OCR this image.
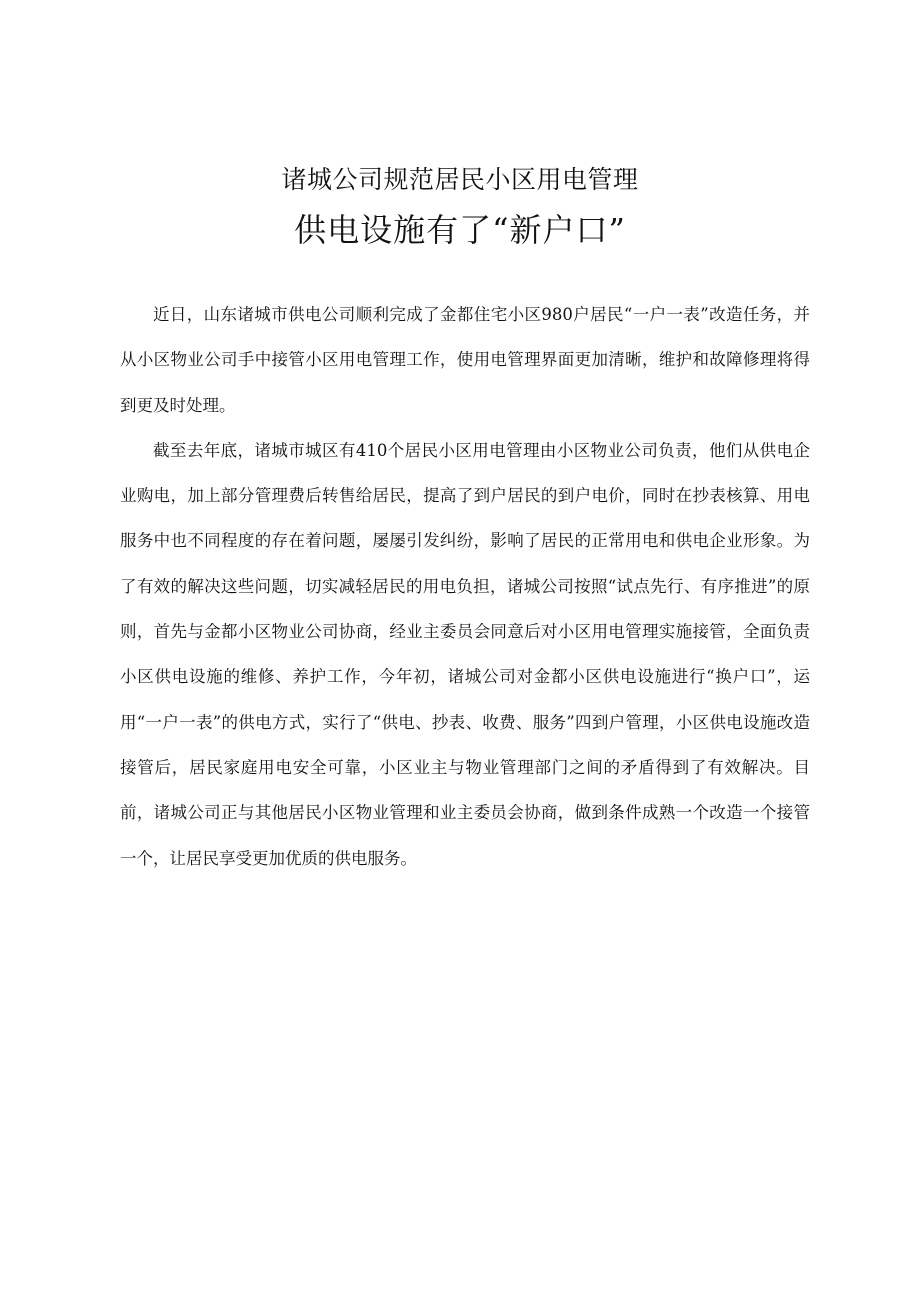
诸城公司规范居民小区用电管理
供电设施有了“新户口”

近日，山东诸城市供电公司顺利完成了金都住宅小区980户居民“一户一表”改造任务，并从小区物业公司手中接管小区用电管理工作，使用电管理界面更加清晰，维护和故障修理将得到更及时处理。

截至去年底，诸城市城区有410个居民小区用电管理由小区物业公司负责，他们从供电企业购电，加上部分管理费后转售给居民，提高了到户居民的到户电价，同时在抄表核算、用电服务中也不同程度的存在着问题，屡屡引发纠纷，影响了居民的正常用电和供电企业形象。为了有效的解决这些问题，切实减轻居民的用电负担，诸城公司按照“试点先行、有序推进”的原则，首先与金都小区物业公司协商，经业主委员会同意后对小区用电管理实施接管，全面负责小区供电设施的维修、养护工作，今年初，诸城公司对金都小区供电设施进行“换户口”，运用“一户一表”的供电方式，实行了“供电、抄表、收费、服务”四到户管理，小区供电设施改造接管后，居民家庭用电安全可靠，小区业主与物业管理部门之间的矛盾得到了有效解决。目前，诸城公司正与其他居民小区物业管理和业主委员会协商，做到条件成熟一个改造一个接管一个，让居民享受更加优质的供电服务。
